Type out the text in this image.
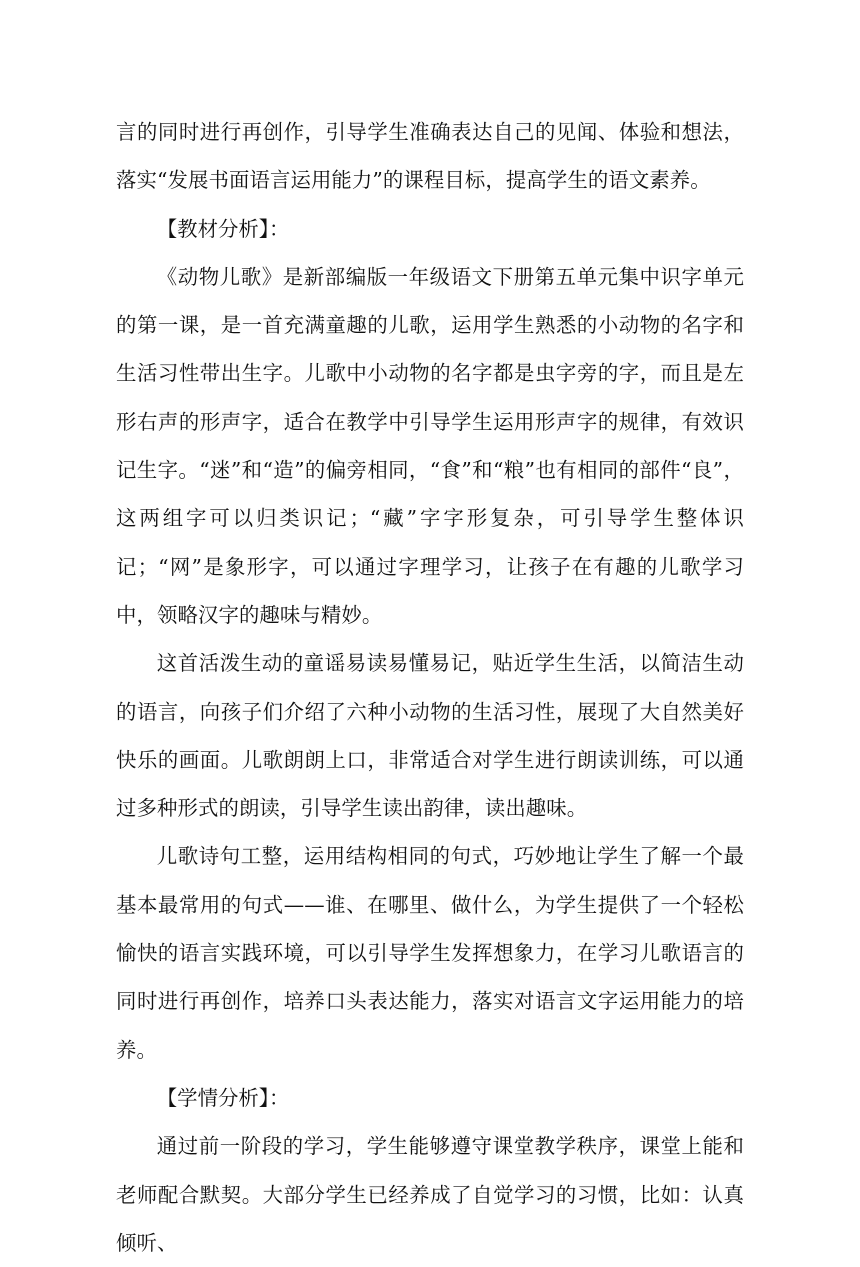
言的同时进行再创作，引导学生准确表达自己的见闻、体验和想法，落实“发展书面语言运用能力”的课程目标，提高学生的语文素养。

【教材分析】：

《动物儿歌》是新部编版一年级语文下册第五单元集中识字单元的第一课，是一首充满童趣的儿歌，运用学生熟悉的小动物的名字和生活习性带出生字。儿歌中小动物的名字都是虫字旁的字，而且是左形右声的形声字，适合在教学中引导学生运用形声字的规律，有效识记生字。“迷”和“造”的偏旁相同，“食”和“粮”也有相同的部件“良”，这两组字可以归类识记；“藏”字字形复杂，可引导学生整体识记；“网”是象形字，可以通过字理学习，让孩子在有趣的儿歌学习中，领略汉字的趣味与精妙。

这首活泼生动的童谣易读易懂易记，贴近学生生活，以简洁生动的语言，向孩子们介绍了六种小动物的生活习性，展现了大自然美好快乐的画面。儿歌朗朗上口，非常适合对学生进行朗读训练，可以通过多种形式的朗读，引导学生读出韵律，读出趣味。

儿歌诗句工整，运用结构相同的句式，巧妙地让学生了解一个最基本最常用的句式——谁、在哪里、做什么，为学生提供了一个轻松愉快的语言实践环境，可以引导学生发挥想象力，在学习儿歌语言的同时进行再创作，培养口头表达能力，落实对语言文字运用能力的培养。

【学情分析】：

通过前一阶段的学习，学生能够遵守课堂教学秩序，课堂上能和老师配合默契。大部分学生已经养成了自觉学习的习惯，比如：认真倾听、
